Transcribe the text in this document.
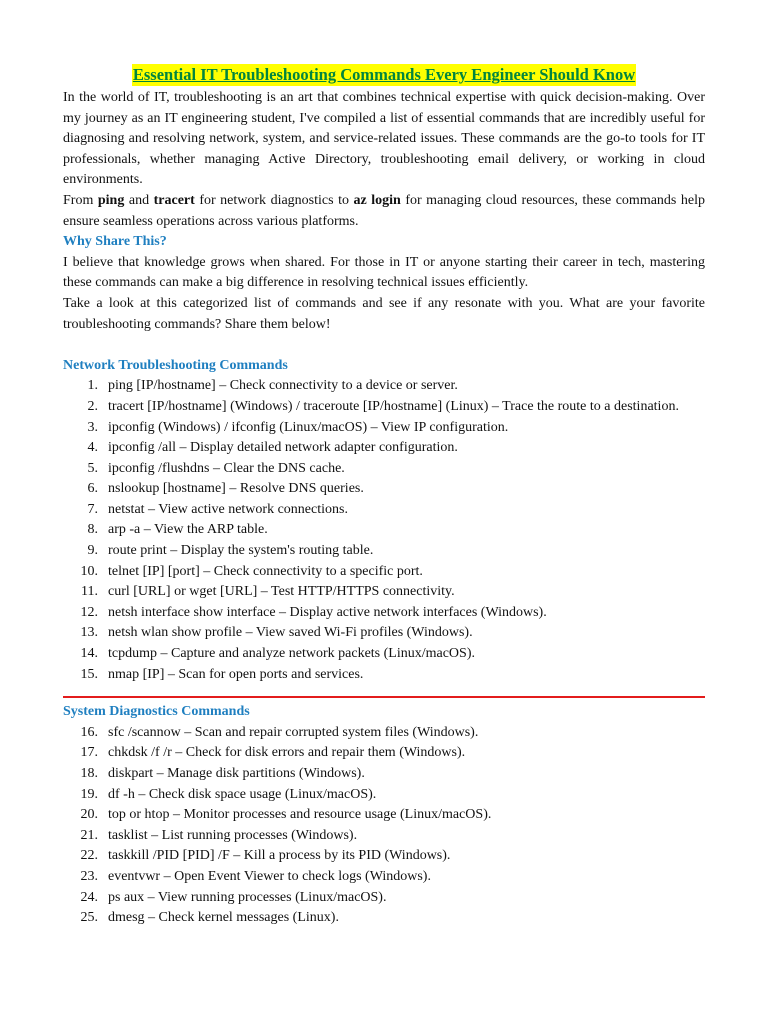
Essential IT Troubleshooting Commands Every Engineer Should Know

In the world of IT, troubleshooting is an art that combines technical expertise with quick decision-making. Over my journey as an IT engineering student, I've compiled a list of essential commands that are incredibly useful for diagnosing and resolving network, system, and service-related issues. These commands are the go-to tools for IT professionals, whether managing Active Directory, troubleshooting email delivery, or working in cloud environments.

From ping and tracert for network diagnostics to az login for managing cloud resources, these commands help ensure seamless operations across various platforms.

Why Share This?

I believe that knowledge grows when shared. For those in IT or anyone starting their career in tech, mastering these commands can make a big difference in resolving technical issues efficiently.

Take a look at this categorized list of commands and see if any resonate with you. What are your favorite troubleshooting commands? Share them below!

Network Troubleshooting Commands
1. ping [IP/hostname] – Check connectivity to a device or server.
2. tracert [IP/hostname] (Windows) / traceroute [IP/hostname] (Linux) – Trace the route to a destination.
3. ipconfig (Windows) / ifconfig (Linux/macOS) – View IP configuration.
4. ipconfig /all – Display detailed network adapter configuration.
5. ipconfig /flushdns – Clear the DNS cache.
6. nslookup [hostname] – Resolve DNS queries.
7. netstat – View active network connections.
8. arp -a – View the ARP table.
9. route print – Display the system's routing table.
10. telnet [IP] [port] – Check connectivity to a specific port.
11. curl [URL] or wget [URL] – Test HTTP/HTTPS connectivity.
12. netsh interface show interface – Display active network interfaces (Windows).
13. netsh wlan show profile – View saved Wi-Fi profiles (Windows).
14. tcpdump – Capture and analyze network packets (Linux/macOS).
15. nmap [IP] – Scan for open ports and services.
System Diagnostics Commands
16. sfc /scannow – Scan and repair corrupted system files (Windows).
17. chkdsk /f /r – Check for disk errors and repair them (Windows).
18. diskpart – Manage disk partitions (Windows).
19. df -h – Check disk space usage (Linux/macOS).
20. top or htop – Monitor processes and resource usage (Linux/macOS).
21. tasklist – List running processes (Windows).
22. taskkill /PID [PID] /F – Kill a process by its PID (Windows).
23. eventvwr – Open Event Viewer to check logs (Windows).
24. ps aux – View running processes (Linux/macOS).
25. dmesg – Check kernel messages (Linux).
